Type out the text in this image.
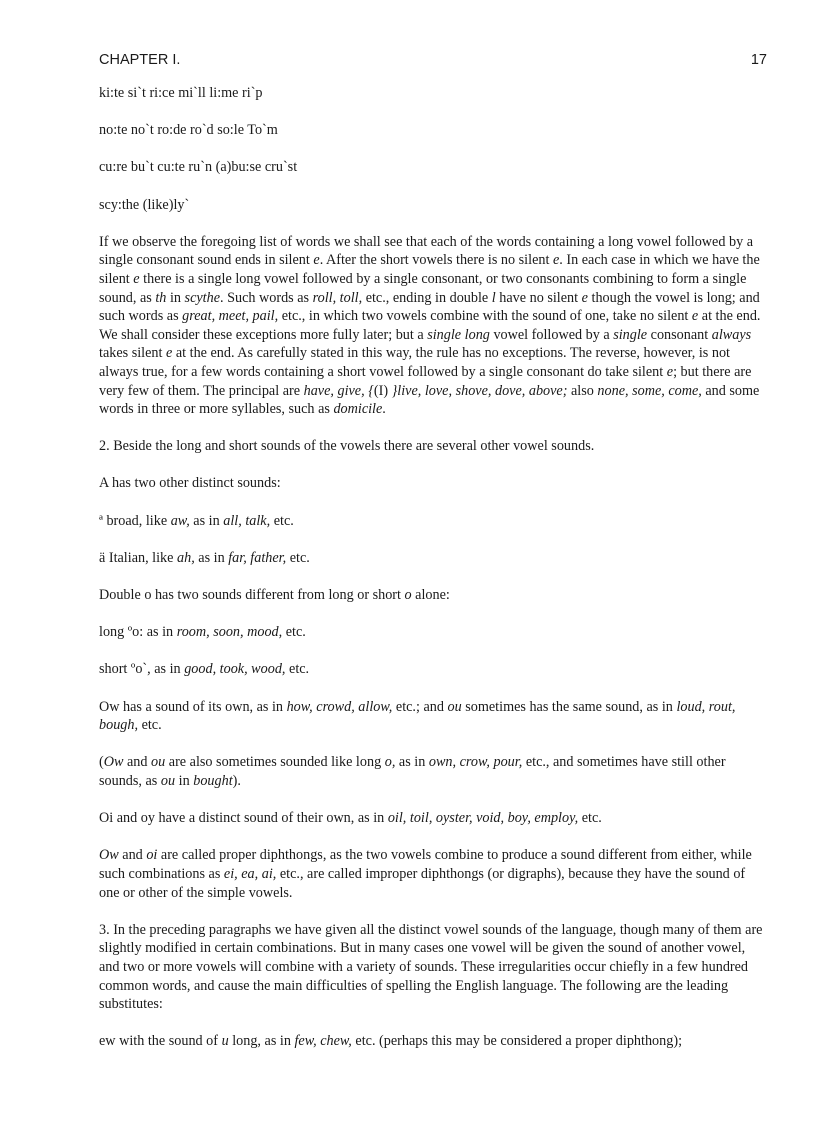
CHAPTER I.	17

ki:te si`t ri:ce mi`ll li:me ri`p

no:te no`t ro:de ro`d so:le To`m

cu:re bu`t cu:te ru`n (a)bu:se cru`st

scy:the (like)ly`

If we observe the foregoing list of words we shall see that each of the words containing a long vowel followed by a single consonant sound ends in silent e. After the short vowels there is no silent e. In each case in which we have the silent e there is a single long vowel followed by a single consonant, or two consonants combining to form a single sound, as th in scythe. Such words as roll, toll, etc., ending in double l have no silent e though the vowel is long; and such words as great, meet, pail, etc., in which two vowels combine with the sound of one, take no silent e at the end. We shall consider these exceptions more fully later; but a single long vowel followed by a single consonant always takes silent e at the end. As carefully stated in this way, the rule has no exceptions. The reverse, however, is not always true, for a few words containing a short vowel followed by a single consonant do take silent e; but there are very few of them. The principal are have, give, {(I) }live, love, shove, dove, above; also none, some, come, and some words in three or more syllables, such as domicile.

2. Beside the long and short sounds of the vowels there are several other vowel sounds.

A has two other distinct sounds:

ª broad, like aw, as in all, talk, etc.

ä Italian, like ah, as in far, father, etc.

Double o has two sounds different from long or short o alone:

long ºo: as in room, soon, mood, etc.

short ºo`, as in good, took, wood, etc.

Ow has a sound of its own, as in how, crowd, allow, etc.; and ou sometimes has the same sound, as in loud, rout, bough, etc.

(Ow and ou are also sometimes sounded like long o, as in own, crow, pour, etc., and sometimes have still other sounds, as ou in bought).

Oi and oy have a distinct sound of their own, as in oil, toil, oyster, void, boy, employ, etc.

Ow and oi are called proper diphthongs, as the two vowels combine to produce a sound different from either, while such combinations as ei, ea, ai, etc., are called improper diphthongs (or digraphs), because they have the sound of one or other of the simple vowels.

3. In the preceding paragraphs we have given all the distinct vowel sounds of the language, though many of them are slightly modified in certain combinations. But in many cases one vowel will be given the sound of another vowel, and two or more vowels will combine with a variety of sounds. These irregularities occur chiefly in a few hundred common words, and cause the main difficulties of spelling the English language. The following are the leading substitutes:

ew with the sound of u long, as in few, chew, etc. (perhaps this may be considered a proper diphthong);
